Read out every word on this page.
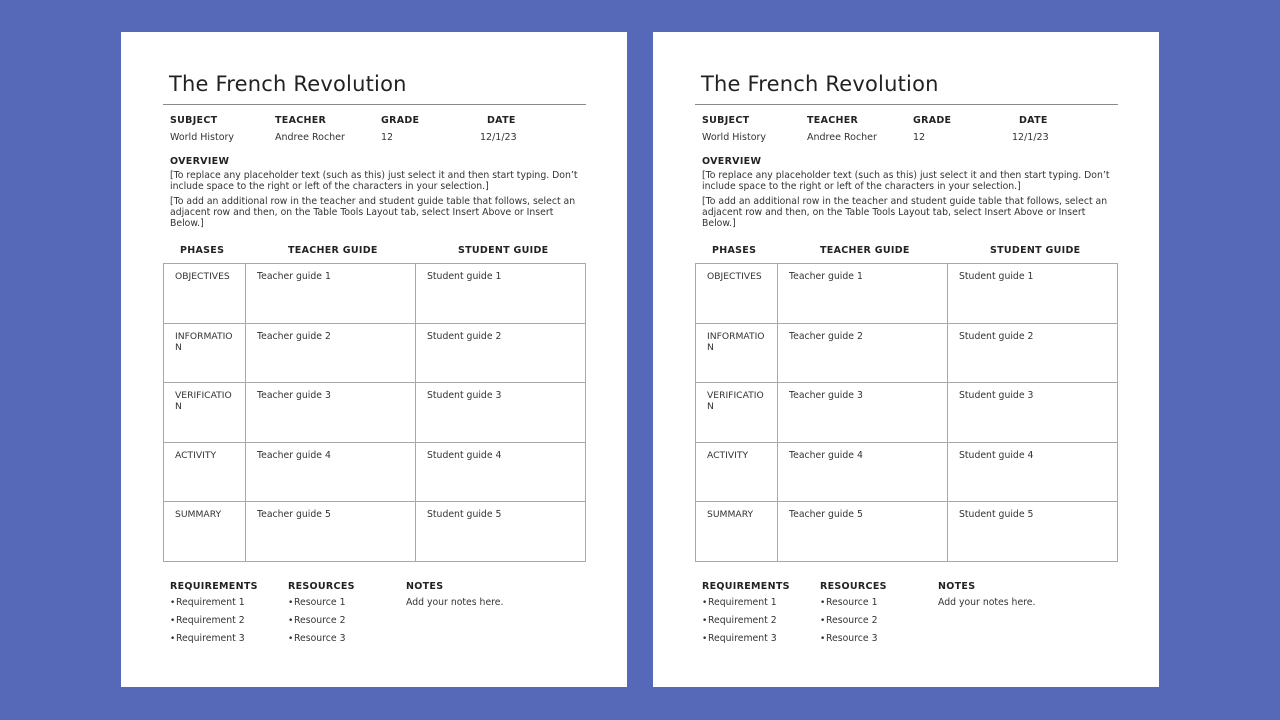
The French Revolution
SUBJECT
World History
TEACHER
Andree Rocher
GRADE
12
DATE
12/1/23
OVERVIEW

[To replace any placeholder text (such as this) just select it and then start typing. Don’t include space to the right or left of the characters in your selection.]

[To add an additional row in the teacher and student guide table that follows, select an adjacent row and then, on the Table Tools Layout tab, select Insert Above or Insert Below.]

PHASES	TEACHER GUIDE	STUDENT GUIDE
OBJECTIVES	Teacher guide 1	Student guide 1
INFORMATION	Teacher guide 2	Student guide 2
VERIFICATION	Teacher guide 3	Student guide 3
ACTIVITY	Teacher guide 4	Student guide 4
SUMMARY	Teacher guide 5	Student guide 5
REQUIREMENTS
•Requirement 1
•Requirement 2
•Requirement 3
RESOURCES
•Resource 1
•Resource 2
•Resource 3
NOTES
Add your notes here.
The French Revolution
SUBJECT
World History
TEACHER
Andree Rocher
GRADE
12
DATE
12/1/23
OVERVIEW

[To replace any placeholder text (such as this) just select it and then start typing. Don’t include space to the right or left of the characters in your selection.]

[To add an additional row in the teacher and student guide table that follows, select an adjacent row and then, on the Table Tools Layout tab, select Insert Above or Insert Below.]

PHASES	TEACHER GUIDE	STUDENT GUIDE
OBJECTIVES	Teacher guide 1	Student guide 1
INFORMATION	Teacher guide 2	Student guide 2
VERIFICATION	Teacher guide 3	Student guide 3
ACTIVITY	Teacher guide 4	Student guide 4
SUMMARY	Teacher guide 5	Student guide 5
REQUIREMENTS
•Requirement 1
•Requirement 2
•Requirement 3
RESOURCES
•Resource 1
•Resource 2
•Resource 3
NOTES
Add your notes here.
